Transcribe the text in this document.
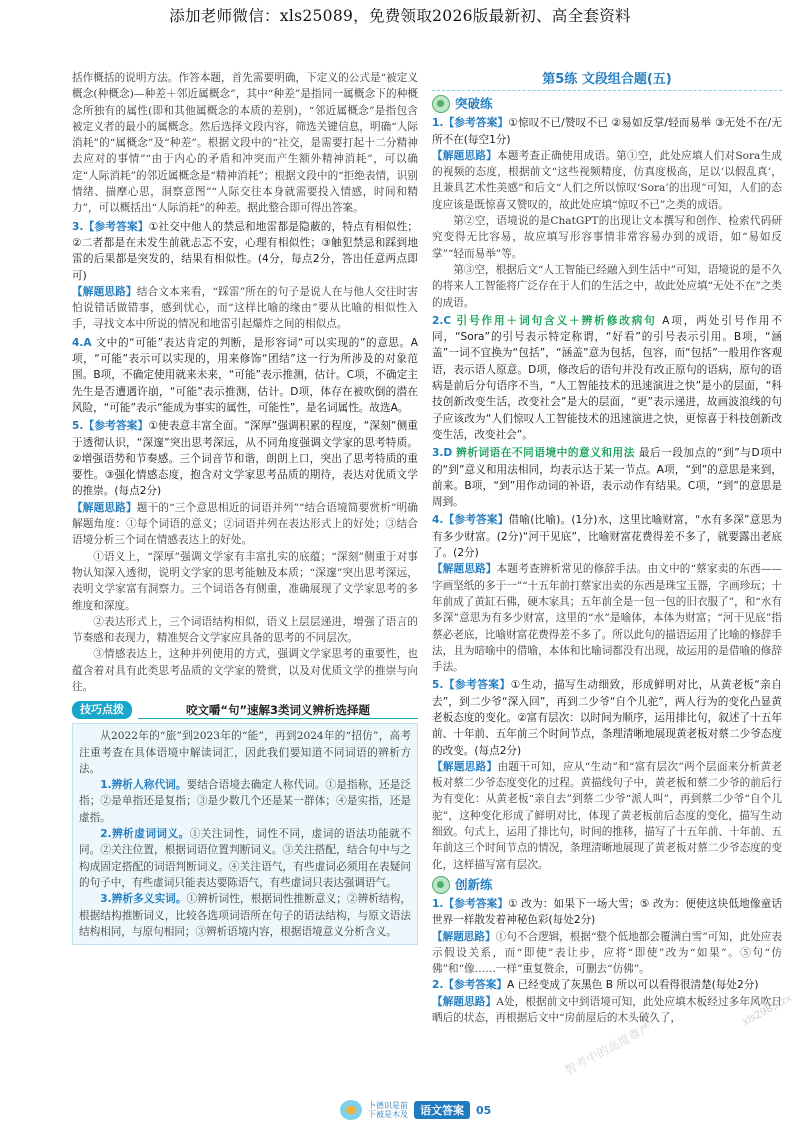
添加老师微信：xls25089，免费领取2026版最新初、高全套资料

括作概括的说明方法。作答本题，首先需要明确，下定义的公式是“被定义概念(种概念)—种差＋邻近属概念”，其中“种差”是指同一属概念下的种概念所独有的属性(即和其他属概念的本质的差别)，“邻近属概念”是指包含被定义者的最小的属概念。然后选择文段内容，筛选关键信息，明确“人际消耗”的“属概念”及“种差”。根据文段中的“社交，是需要打起十二分精神去应对的事情”“由于内心的矛盾和冲突而产生额外精神消耗”，可以确定“人际消耗”的邻近属概念是“精神消耗”；根据文段中的“拒绝表情，识别情绪、揣摩心思，洞察意图”“人际交往本身就需要投入情感，时间和精力”，可以概括出“人际消耗”的种差。据此整合即可得出答案。

3.【参考答案】①社交中他人的禁忌和地雷都是隐蔽的，特点有相似性；②二者都是在未发生前就忐忑不安，心理有相似性；③触犯禁忌和踩到地雷的后果都是突发的，结果有相似性。(4分，每点2分，答出任意两点即可)

【解题思路】结合文本来看，“踩雷”所在的句子是说人在与他人交往时害怕说错话做错事，感到忧心，而“这样比喻的缘由”要从比喻的相似性入手，寻找文本中所说的情况和地雷引起爆炸之间的相似点。

4.A 文中的“可能”表达肯定的判断，是形容词“可以实现的”的意思。A项，“可能”表示可以实现的，用来修饰“团结”这一行为所涉及的对象范围。B项，不确定使用就来未来，“可能”表示推测，估计。C项，不确定主先生是否遭遇许崩，“可能”表示推测，估计。D项，体存在被吹倒的潜在风险，“可能”表示“能成为事实的属性，可能性”，是名词属性。故选A。

5.【参考答案】①使表意丰富全面。“深厚”强调积累的程度，“深刻”侧重于透彻认识，“深邃”突出思考深远，从不同角度强调文学家的思考特质。②增强语势和节奏感。三个词音节和谐，朗朗上口，突出了思考特质的重要性。③强化情感态度，抱含对文学家思考品质的期待，表达对优质文学的推崇。(每点2分)

【解题思路】题干的“三个意思相近的词语并列”“结合语境简要赏析”明确解题角度：①每个词语的意义；②词语并列在表达形式上的好处；③结合语境分析三个词在情感表达上的好处。

①语义上，“深厚”强调文学家有丰富扎实的底蕴；“深刻”侧重于对事物认知深入透彻，说明文学家的思考能触及本质；“深邃”突出思考深远，表明文学家富有洞察力。三个词语各有侧重，准确展现了文学家思考的多维度和深度。

②表达形式上，三个词语结构相似，语义上层层递进，增强了语言的节奏感和表现力，精准契合文学家应具备的思考的不同层次。

③情感表达上，这种并列使用的方式，强调文学家思考的重要性，也蕴含着对具有此类思考品质的文学家的赞赏，以及对优质文学的推崇与向往。

技巧点拨	咬文嚼“句”速解3类词义辨析选择题

从2022年的“旅”到2023年的“能”，再到2024年的“招仿”，高考注重考查在具体语境中解读词汇，因此我们要知道不同词语的辨析方法。

1.辨析人称代词。要结合语境去确定人称代词。①是指称，还是泛指；②是单指还是复指；③是少数几个还是某一群体；④是实指，还是虚指。

2.辨析虚词词义。①关注词性，词性不同，虚词的语法功能就不同。②关注位置，根据词语位置判断词义。③关注搭配，结合句中与之构成固定搭配的词语判断词义。④关注语气，有些虚词必须用在表疑问的句子中，有些虚词只能表达要陈语气，有些虚词只表达强调语气。

3.辨析多义实词。①辨析词性，根据词性推断意义；②辨析结构，根据结构推断词义，比较各选项词语所在句子的语法结构，与原文语法结构相同，与原句相同；③辨析语境内容，根据语境意义分析含义。

第5练 文段组合题(五)
突破练

1.【参考答案】①惊叹不已/赞叹不已 ②易如反掌/轻而易举 ③无处不在/无所不在(每空1分)

【解题思路】本题考查正确使用成语。第①空，此处应填人们对Sora生成的视频的态度，根据前文“这些视频精度，仿真度极高，足以‘以假乱真’，且兼具艺术性美感”和后文“人们之所以惊叹‘Sora’的出现”可知，人们的态度应该是既惊喜又赞叹的，故此处应填“惊叹不已”之类的成语。

第②空，语境说的是ChatGPT的出现让文本撰写和创作、检索代码研究变得无比容易，故应填写形容事情非常容易办到的成语，如“易如反掌”“轻而易举”等。

第③空，根据后文“人工智能已经融入到生活中”可知，语境说的是不久的将来人工智能将广泛存在于人们的生活之中，故此处应填“无处不在”之类的成语。

2.C 引号作用＋词句含义＋辨析修改病句 A项，两处引号作用不同，“Sora”的引号表示特定称谓，“好看”的引号表示引用。B项，“涵盖”一词不宜换为“包括”，“涵盖”意为包括，包容，而“包括”一般用作客观语，表示语人原意。D项，修改后的语句并没有改正原句的语病，原句的语病是前后分句语序不当，“人工智能技术的迅速演进之快”是小的层面，“科技创新改变生活，改变社会”是大的层面，“更”表示递进，故画波浪线的句子应该改为“人们惊叹人工智能技术的迅速演进之快，更惊喜于科技创新改变生活，改变社会”。

3.D 辨析词语在不同语境中的意义和用法 最后一段加点的“到”与D项中的“到”意义和用法相同，均表示达于某一节点。A项，“到”的意思是来到，前来。B项，“到”用作动词的补语，表示动作有结果。C项，“到”的意思是周到。

4.【参考答案】借喻(比喻)。(1分)水，这里比喻财富，“水有多深”意思为有多少财富。(2分)“河干见底”，比喻财富花费得差不多了，就要露出老底了。(2分)

【解题思路】本题考查辨析常见的修辞手法。由文中的“蔡家卖的东西——字画坚纸的多于一”“十五年前打蔡家出卖的东西是珠宝玉器，字画珍玩；十年前成了黄缸石佛，硬木家具；五年前全是一包一包的旧衣服了”，和“水有多深”意思为有多少财富，这里的“水”是喻体，本体为财富；“河干见底”指蔡必老底，比喻财富花费得差不多了。所以此句的描语运用了比喻的修辞手法，且为暗喻中的借喻，本体和比喻词都没有出现，故运用的是借喻的修辞手法。

5.【参考答案】①生动，描写生动细致，形成鲜明对比，从黄老板“亲自去”，到二少爷“深入回”，再到二少爷“自个儿驼”，两人行为的变化凸显黄老板态度的变化。②富有层次：以时间为顺序，运用排比句，叙述了十五年前、十年前、五年前三个时间节点，条理清晰地展现黄老板对蔡二少爷态度的改变。(每点2分)

【解题思路】由题干可知，应从“生动”和“富有层次”两个层面来分析黄老板对蔡二少爷态度变化的过程。黄描线句子中，黄老板和蔡二少爷的前后行为有变化：从黄老板“亲自去”到蔡二少爷“派人叫”，再到蔡二少爷“自个儿驼”，这种变化形成了鲜明对比，体现了黄老板前后态度的变化，描写生动细致。句式上，运用了排比句，时间的推移，描写了十五年前、十年前、五年前这三个时间节点的情况，条理清晰地展现了黄老板对蔡二少爷态度的变化，这样描写富有层次。

创新练

1.【参考答案】① 改为：如果下一场大雪；⑤ 改为：便使这块低地像童话世界一样散发着神秘色彩(每处2分)

【解题思路】①句不合逻辑，根据“整个低地都会覆满白雪”可知，此处应表示假设关系，而“即使”表让步，应将“即使”改为“如果”。⑤句“仿佛”和“像……一样”重复赘余，可删去“仿佛”。

2.【参考答案】A 已经变成了灰黑色 B 所以可以看得很清楚(每处2分)

【解题思路】A处，根据前文中到语境可知，此处应填木板经过多年风吹日晒后的状态，再根据后文中“房前屋后的木头破久了，	xls2985tzx
智考中的高度尊严
卜德识是前
下被是木及	语文答案	05
